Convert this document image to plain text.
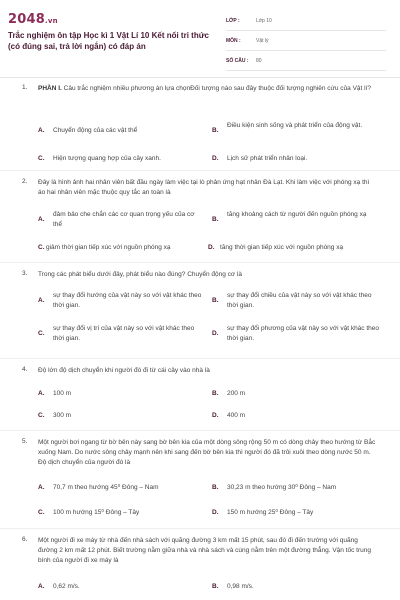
2048.vn
Trắc nghiệm ôn tập Học kì 1 Vật Lí 10 Kết nối tri thức (có đúng sai, trả lời ngắn) có đáp án
LỚP :	Lớp 10
MÔN :	Vật lý
SỐ CÂU :	80
1. PHẦN I. Câu trắc nghiệm nhiều phương án lựa chọnĐối tượng nào sau đây thuộc đối tượng nghiên cứu của Vật lí?
A. Chuyển động của các vật thể	B.
Điều kiện sinh sống và phát triển của động vật.
C. Hiện tượng quang hợp của cây xanh.	D. Lịch sử phát triển nhân loại.
2. Đây là hình ảnh hai nhân viên bất đầu ngày làm việc tại lò phản ứng hạt nhân Đà Lạt. Khi làm việc với phóng xạ thì áo hai nhân viên mặc thuộc quy tắc an toàn là
A.
đảm bảo che chắn các cơ quan trọng yếu của cơ thể
B.
tăng khoảng cách từ người đến nguồn phóng xạ
C. giảm thời gian tiếp xúc với nguồn phóng xạ	D. tăng thời gian tiếp xúc với nguồn phóng xạ
3. Trong các phát biểu dưới đây, phát biểu nào đúng? Chuyển động cơ là
A.
sự thay đổi hướng của vật này so với vật khác theo thời gian.
B.
sự thay đổi chiều của vật này so với vật khác theo thời gian.
C.
sự thay đổi vị trí của vật này so với vật khác theo thời gian.
D.
sự thay đổi phương của vật này so với vật khác theo thời gian.
4. Độ lớn độ dịch chuyển khi người đó đi từ cái cây vào nhà là
A. 100 m	B. 200 m
C. 300 m	D. 400 m
5. Một người bơi ngang từ bờ bên này sang bờ bên kia của một dòng sông rộng 50 m có dòng chảy theo hướng từ Bắc xuống Nam. Do nước sông chảy mạnh nên khi sang đến bờ bên kia thì người đó đã trôi xuôi theo dòng nước 50 m. Độ dịch chuyển của người đó là
A. 70,7 m theo hướng 45⁰ Đông – Nam	B. 30,23 m theo hướng 30⁰ Đông – Nam
C. 100 m hướng 15⁰ Đông – Tây	D. 150 m hướng 25⁰ Đông – Tây
6. Một người đi xe máy từ nhà đến nhà sách với quãng đường 3 km mất 15 phút, sau đó đi đến trường với quãng đường 2 km mất 12 phút. Biết trường nằm giữa nhà và nhà sách và cùng nằm trên một đường thẳng. Vận tốc trung bình của người đi xe máy là
A. 0,62 m/s.	B. 0,98 m/s.
